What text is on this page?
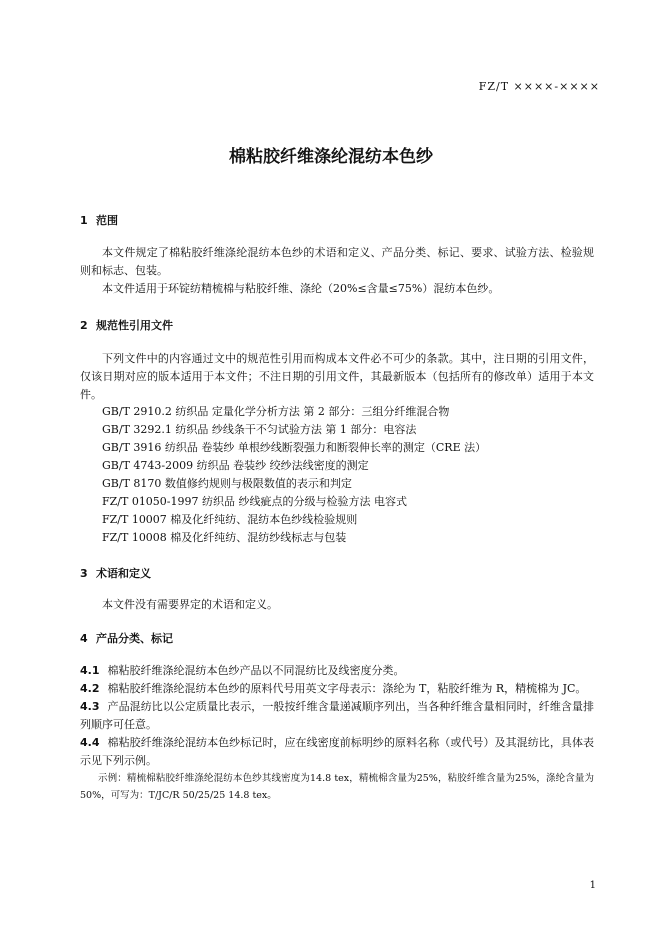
FZ/T ××××-××××
棉粘胶纤维涤纶混纺本色纱
1 范围
本文件规定了棉粘胶纤维涤纶混纺本色纱的术语和定义、产品分类、标记、要求、试验方法、检验规则和标志、包装。
本文件适用于环锭纺精梳棉与粘胶纤维、涤纶（20%≤含量≤75%）混纺本色纱。
2 规范性引用文件
下列文件中的内容通过文中的规范性引用而构成本文件必不可少的条款。其中，注日期的引用文件，仅该日期对应的版本适用于本文件；不注日期的引用文件，其最新版本（包括所有的修改单）适用于本文件。
GB/T 2910.2 纺织品 定量化学分析方法 第 2 部分：三组分纤维混合物
GB/T 3292.1 纺织品 纱线条干不匀试验方法 第 1 部分：电容法
GB/T 3916 纺织品 卷装纱 单根纱线断裂强力和断裂伸长率的测定（CRE 法）
GB/T 4743-2009 纺织品 卷装纱 绞纱法线密度的测定
GB/T 8170 数值修约规则与极限数值的表示和判定
FZ/T 01050-1997 纺织品 纱线疵点的分级与检验方法 电容式
FZ/T 10007 棉及化纤纯纺、混纺本色纱线检验规则
FZ/T 10008 棉及化纤纯纺、混纺纱线标志与包装
3 术语和定义
本文件没有需要界定的术语和定义。
4 产品分类、标记
4.1 棉粘胶纤维涤纶混纺本色纱产品以不同混纺比及线密度分类。
4.2 棉粘胶纤维涤纶混纺本色纱的原料代号用英文字母表示：涤纶为 T，粘胶纤维为 R，精梳棉为 JC。
4.3 产品混纺比以公定质量比表示，一般按纤维含量递减顺序列出，当各种纤维含量相同时，纤维含量排列顺序可任意。
4.4 棉粘胶纤维涤纶混纺本色纱标记时，应在线密度前标明纱的原料名称（或代号）及其混纺比，具体表示见下列示例。
示例：精梳棉粘胶纤维涤纶混纺本色纱其线密度为14.8 tex，精梳棉含量为25%，粘胶纤维含量为25%，涤纶含量为50%，可写为：T/JC/R 50/25/25 14.8 tex。
1
